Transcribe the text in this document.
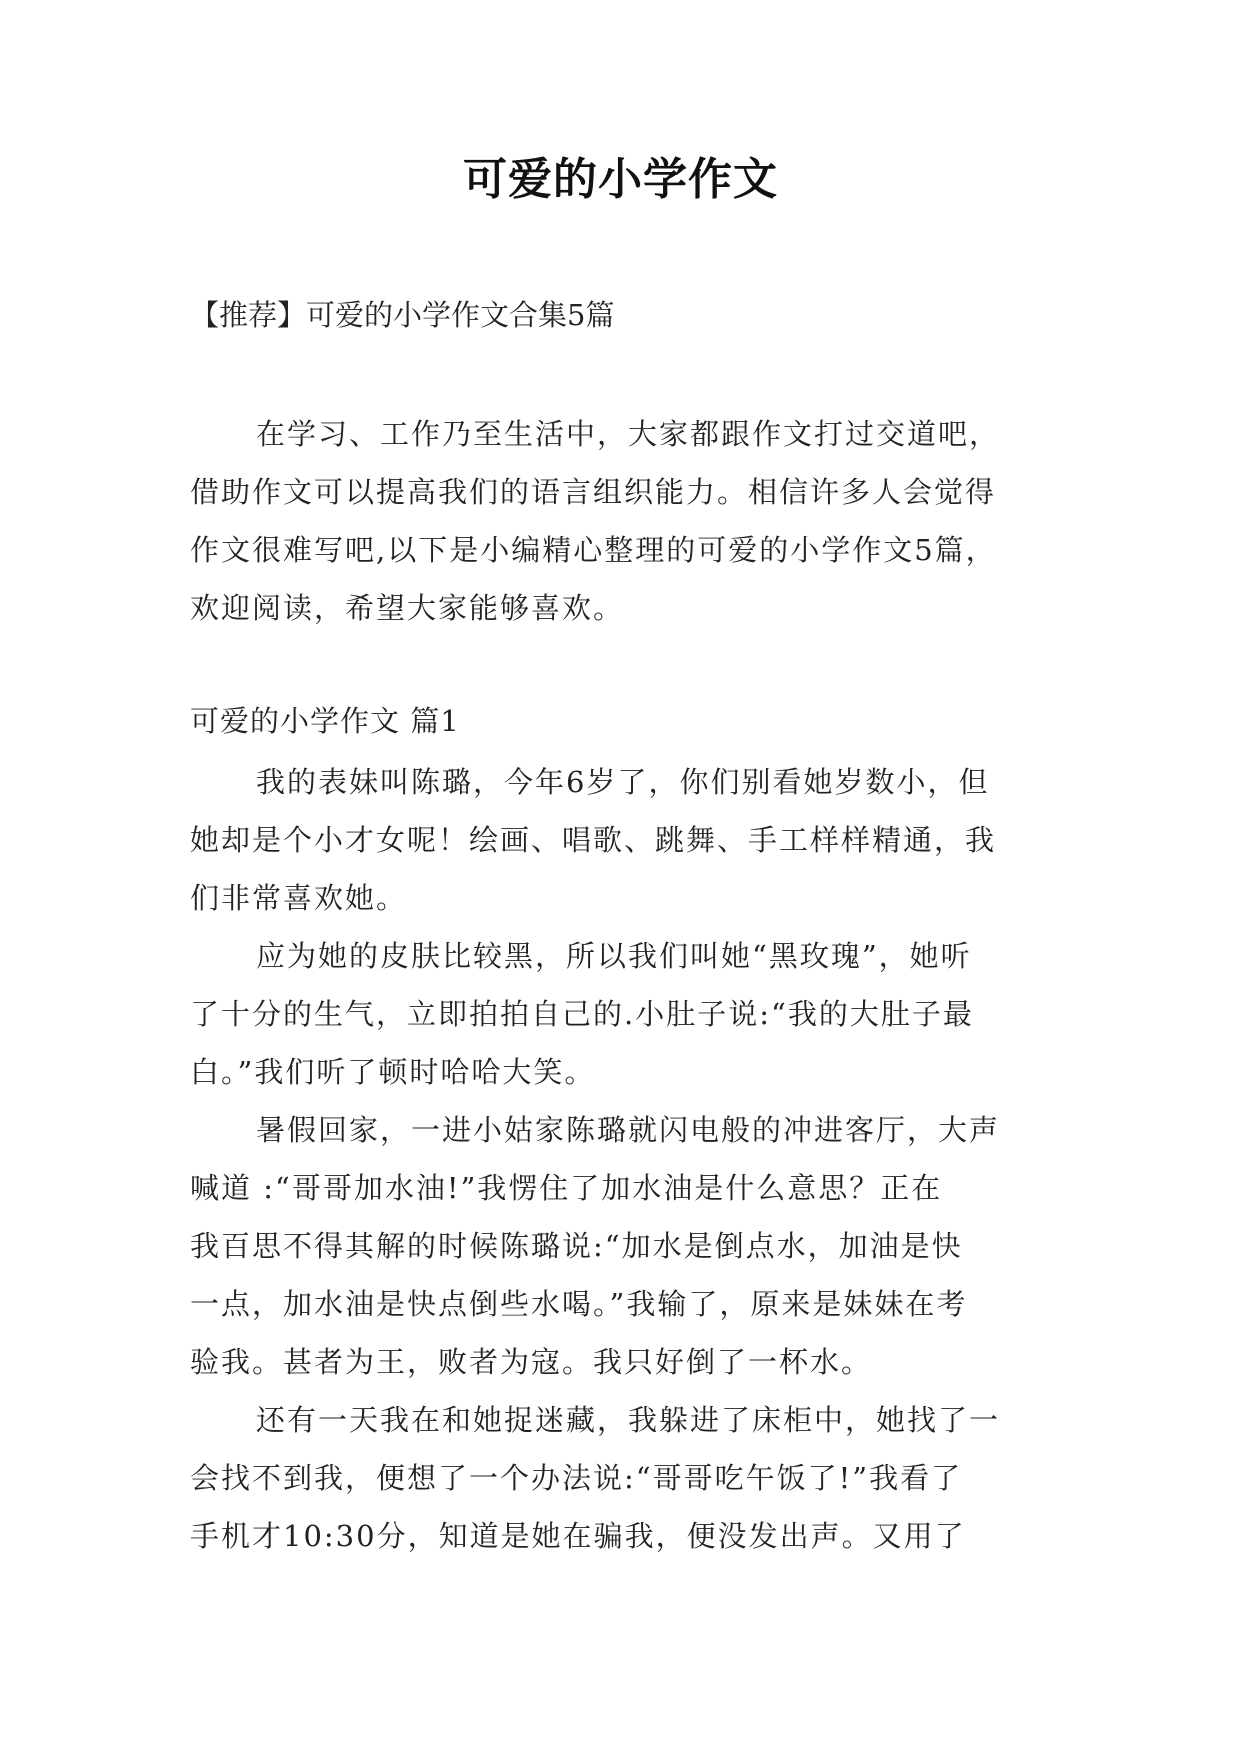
可爱的小学作文
【推荐】可爱的小学作文合集5篇
在学习、工作乃至生活中，大家都跟作文打过交道吧，
借助作文可以提高我们的语言组织能力。相信许多人会觉得
作文很难写吧,以下是小编精心整理的可爱的小学作文5篇，
欢迎阅读，希望大家能够喜欢。
可爱的小学作文 篇1
我的表妹叫陈璐，今年6岁了，你们别看她岁数小，但
她却是个小才女呢！绘画、唱歌、跳舞、手工样样精通，我
们非常喜欢她。
应为她的皮肤比较黑，所以我们叫她“黑玫瑰”，她听
了十分的生气，立即拍拍自己的.小肚子说:“我的大肚子最
白。”我们听了顿时哈哈大笑。
暑假回家，一进小姑家陈璐就闪电般的冲进客厅，大声
喊道 :“哥哥加水油!”我愣住了加水油是什么意思？正在
我百思不得其解的时候陈璐说:“加水是倒点水，加油是快
一点，加水油是快点倒些水喝。”我输了，原来是妹妹在考
验我。甚者为王，败者为寇。我只好倒了一杯水。
还有一天我在和她捉迷藏，我躲进了床柜中，她找了一
会找不到我，便想了一个办法说:“哥哥吃午饭了!”我看了
手机才10:30分，知道是她在骗我，便没发出声。又用了
